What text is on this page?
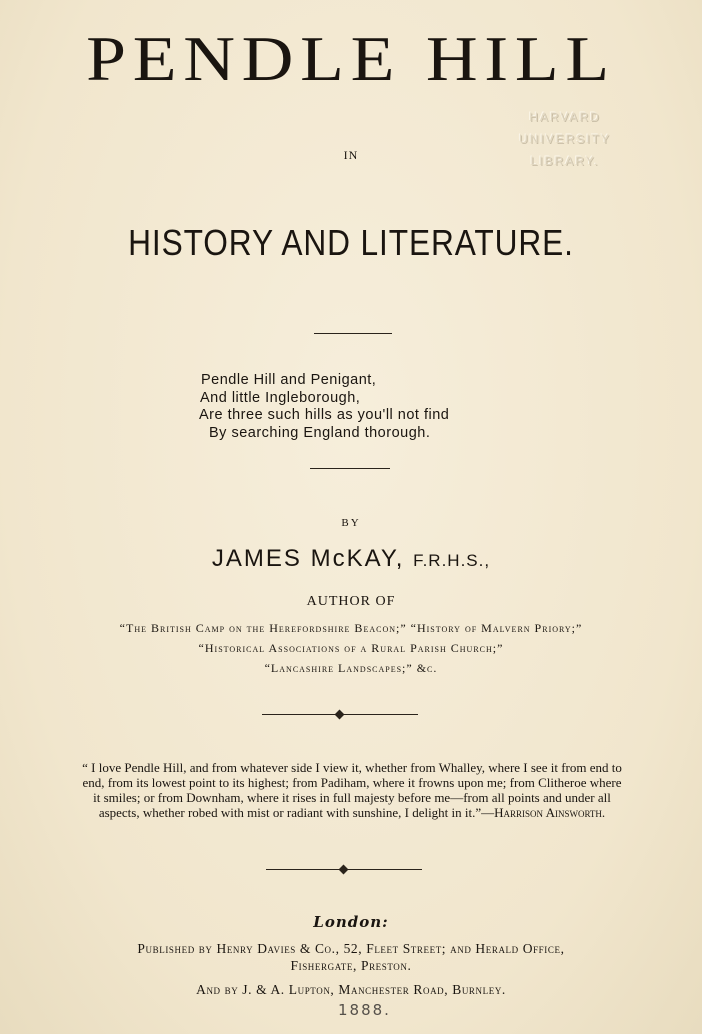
PENDLE HILL
HARVARD
UNIVERSITY
LIBRARY.
IN
HISTORY AND LITERATURE.
Pendle Hill and Penigant,
And little Ingleborough,
Are three such hills as you'll not find
By searching England thorough.
BY
JAMES McKAY, F.R.H.S.,
AUTHOR OF
“The British Camp on the Herefordshire Beacon;” “History of Malvern Priory;”
“Historical Associations of a Rural Parish Church;”
“Lancashire Landscapes;” &c.
“ I love Pendle Hill, and from whatever side I view it, whether from Whalley, where I see it from end to end, from its lowest point to its highest; from Padiham, where it frowns upon me; from Clitheroe where it smiles; or from Downham, where it rises in full majesty before me—from all points and under all aspects, whether robed with mist or radiant with sunshine, I delight in it.”—Harrison Ainsworth.
London:
Published by Henry Davies & Co., 52, Fleet Street; and Herald Office,
Fishergate, Preston.
And by J. & A. Lupton, Manchester Road, Burnley.
1888.
